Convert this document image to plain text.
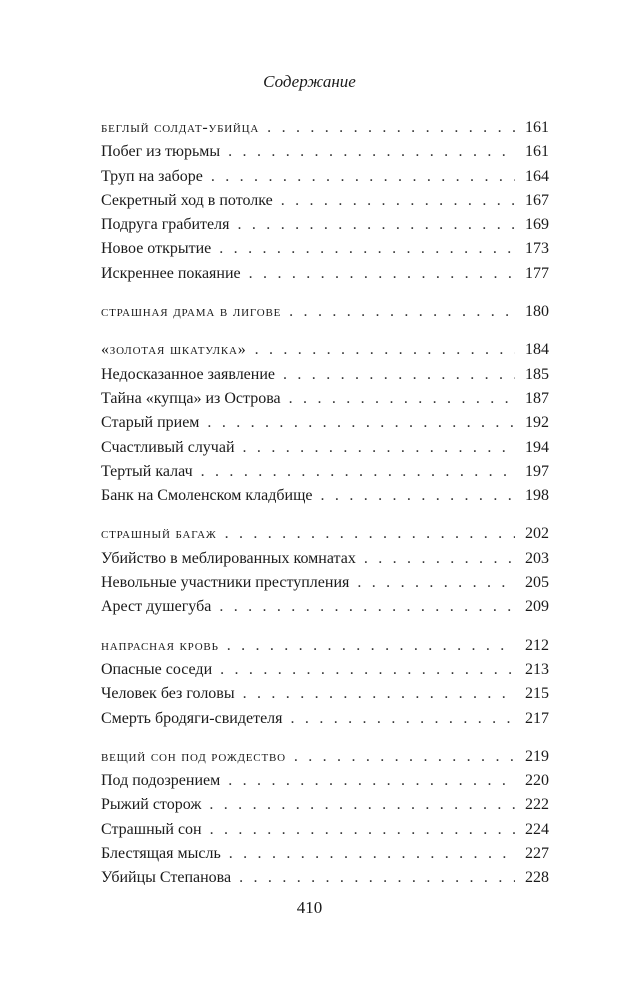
Содержание
беглый солдат-убийца . . .	161
Побег из тюрьмы . . .	161
Труп на заборе . . .	164
Секретный ход в потолке . . .	167
Подруга грабителя . . .	169
Новое открытие . . .	173
Искреннее покаяние . . .	177
страшная драма в лигове . . .	180
«золотая шкатулка» . . .	184
Недосказанное заявление . . .	185
Тайна «купца» из Острова . . .	187
Старый прием . . .	192
Счастливый случай . . .	194
Тертый калач . . .	197
Банк на Смоленском кладбище . . .	198
страшный багаж . . .	202
Убийство в меблированных комнатах . . .	203
Невольные участники преступления . . .	205
Арест душегуба . . .	209
напрасная кровь . . .	212
Опасные соседи . . .	213
Человек без головы . . .	215
Смерть бродяги-свидетеля . . .	217
вещий сон под рождество . . .	219
Под подозрением . . .	220
Рыжий сторож . . .	222
Страшный сон . . .	224
Блестящая мысль . . .	227
Убийцы Степанова . . .	228
410
